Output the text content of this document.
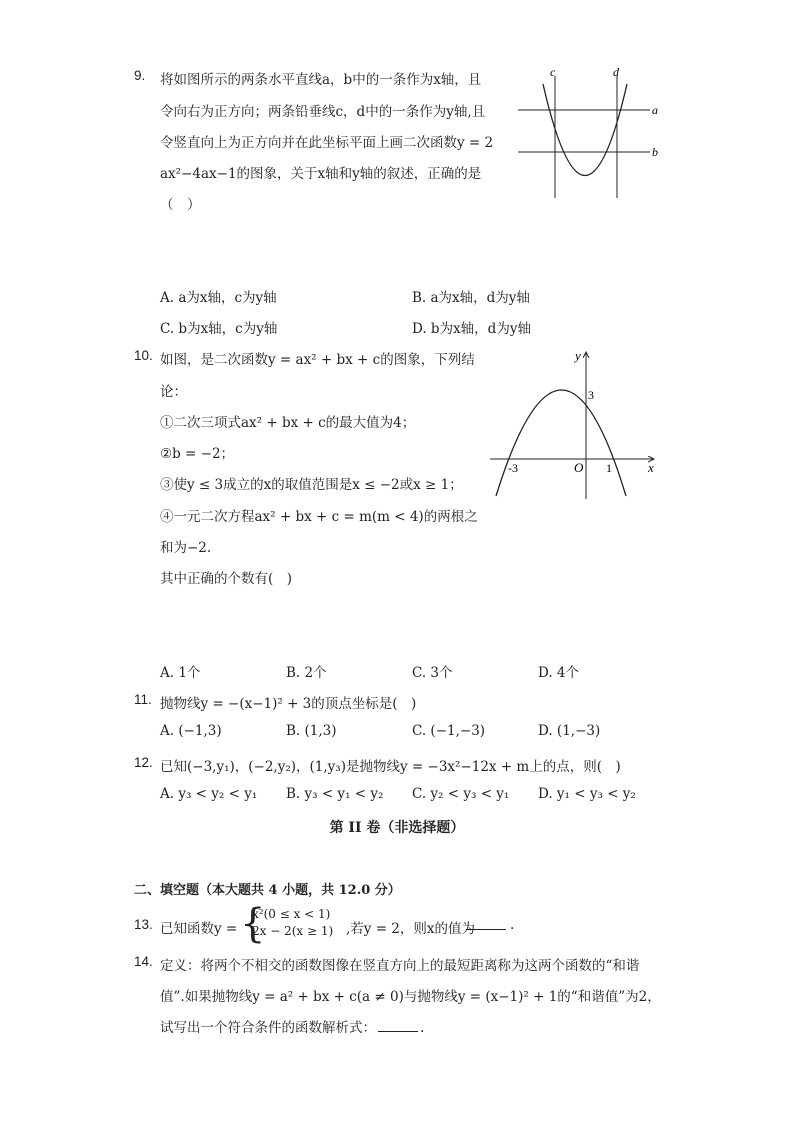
9. 将如图所示的两条水平直线a，b中的一条作为x轴，且
令向右为正方向；两条铅垂线c，d中的一条作为y轴,且
令竖直向上为正方向并在此坐标平面上画二次函数y = 2
ax²−4ax−1的图象，关于x轴和y轴的叙述，正确的是
（　）
c	d
a
b
A. a为x轴，c为y轴	B. a为x轴，d为y轴
C. b为x轴，c为y轴	D. b为x轴，d为y轴
10. 如图，是二次函数y = ax² + bx + c的图象，下列结
论：
①二次三项式ax² + bx + c的最大值为4；
②b = −2；
③使y ≤ 3成立的x的取值范围是x ≤ −2或x ≥ 1；
④一元二次方程ax² + bx + c = m(m < 4)的两根之
和为−2.
其中正确的个数有(　)
y
x
O
3
-3	1
A. 1个	B. 2个	C. 3个	D. 4个
11. 抛物线y = −(x−1)² + 3的顶点坐标是(　)
A. (−1,3)	B. (1,3)	C. (−1,−3)	D. (1,−3)
12. 已知(−3,y₁)，(−2,y₂)，(1,y₃)是抛物线y = −3x²−12x + m上的点，则(　)
A. y₃ < y₂ < y₁ B. y₃ < y₁ < y₂ C. y₂ < y₃ < y₁ D. y₁ < y₃ < y₂
第 II 卷（非选择题）
二、填空题（本大题共 4 小题，共 12.0 分）
13. 已知函数y = {
x²(0 ≤ x < 1)
2x − 2(x ≥ 1) ,若y = 2，则x的值为	.
14. 定义：将两个不相交的函数图像在竖直方向上的最短距离称为这两个函数的“和谐
值”.如果抛物线y = a² + bx + c(a ≠ 0)与抛物线y = (x−1)² + 1的“和谐值”为2，
试写出一个符合条件的函数解析式：	.
